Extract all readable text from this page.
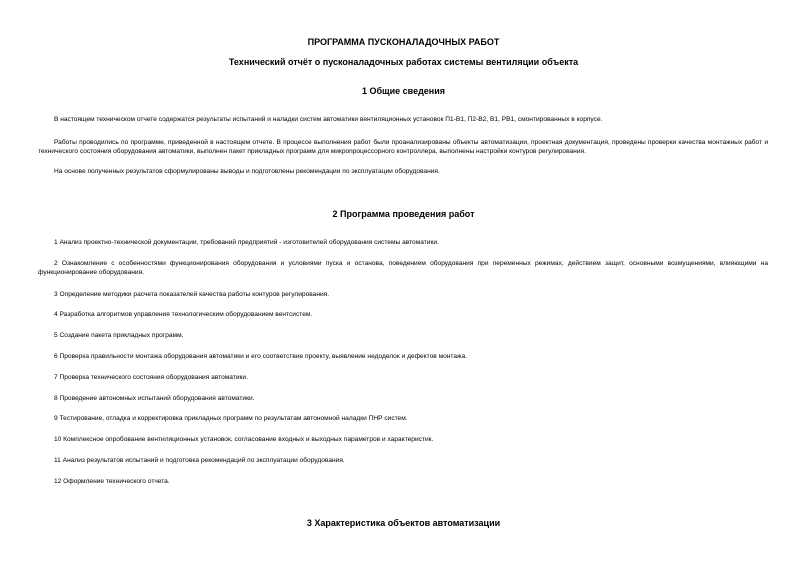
ПРОГРАММА ПУСКОНАЛАДОЧНЫХ РАБОТ

Технический отчёт о пусконаладочных работах системы вентиляции объекта

1 Общие сведения

В настоящем техническом отчете содержатся результаты испытаний и наладки систем автоматики вентиляционных установок П1-В1, П2-В2, В1, РВ1, смонтированных в корпусе.

Работы проводились по программе, приведенной в настоящем отчете. В процессе выполнения работ были проанализированы объекты автоматизации, проектная документация, проведены проверки качества монтажных работ и технического состояния оборудования автоматики, выполнен пакет прикладных программ для микропроцессорного контроллера, выполнены настройки контуров регулирования.

На основе полученных результатов сформулированы выводы и подготовлены рекомендации по эксплуатации оборудования.

2 Программа проведения работ

1 Анализ проектно-технической документации, требований предприятий - изготовителей оборудования системы автоматики.

2 Ознакомление с особенностями функционирования оборудования и условиями пуска и останова, поведением оборудования при переменных режимах, действием защит, основными возмущениями, влияющими на функционирование оборудования.

3 Определение методики расчета показателей качества работы контуров регулирования.

4 Разработка алгоритмов управления технологическим оборудованием вентсистем.

5 Создание пакета прикладных программ.

6 Проверка правильности монтажа оборудования автоматики и его соответствие проекту, выявление недоделок и дефектов монтажа.

7 Проверка технического состояния оборудования автоматики.

8 Проведение автономных испытаний оборудования автоматики.

9 Тестирование, отладка и корректировка прикладных программ по результатам автономной наладки ПНР систем.

10 Комплексное опробование вентиляционных установок, согласование входных и выходных параметров и характеристик.

11 Анализ результатов испытаний и подготовка рекомендаций по эксплуатации оборудования.

12 Оформление технического отчета.

3 Характеристика объектов автоматизации
